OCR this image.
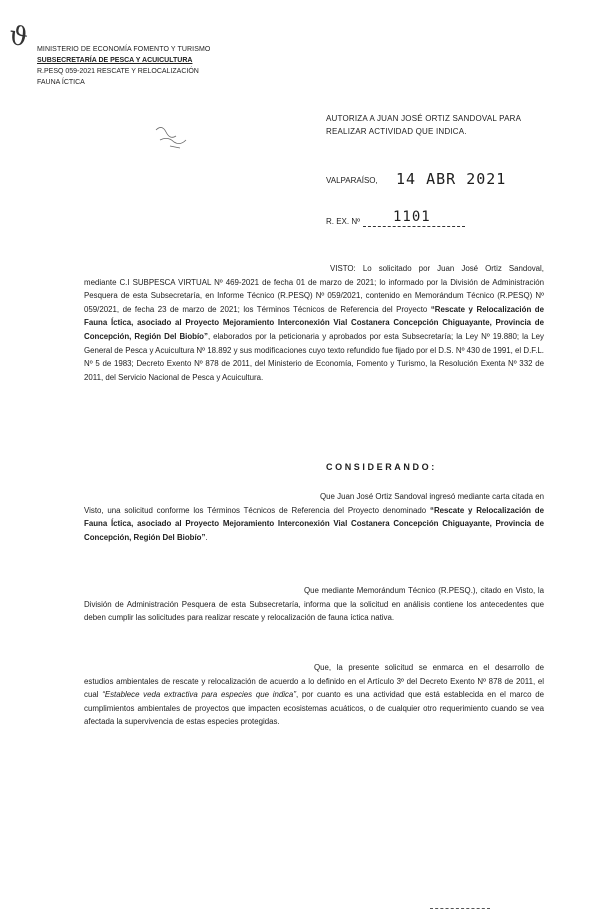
ϑ MINISTERIO DE ECONOMÍA FOMENTO Y TURISMO
SUBSECRETARÍA DE PESCA Y ACUICULTURA
R.PESQ 059-2021 RESCATE Y RELOCALIZACIÓN
FAUNA ÍCTICA
AUTORIZA A JUAN JOSÉ ORTIZ SANDOVAL PARA
REALIZAR ACTIVIDAD QUE INDICA.
VALPARAÍSO, 14 ABR 2021
R. EX. Nº 1101

VISTO: Lo solicitado por Juan José Ortiz Sandoval, mediante C.I SUBPESCA VIRTUAL Nº 469-2021 de fecha 01 de marzo de 2021; lo informado por la División de Administración Pesquera de esta Subsecretaría, en Informe Técnico (R.PESQ) Nº 059/2021, contenido en Memorándum Técnico (R.PESQ) Nº 059/2021, de fecha 23 de marzo de 2021; los Términos Técnicos de Referencia del Proyecto “Rescate y Relocalización de Fauna Íctica, asociado al Proyecto Mejoramiento Interconexión Vial Costanera Concepción Chiguayante, Provincia de Concepción, Región Del Biobío”, elaborados por la peticionaria y aprobados por esta Subsecretaría; la Ley Nº 19.880; la Ley General de Pesca y Acuicultura Nº 18.892 y sus modificaciones cuyo texto refundido fue fijado por el D.S. Nº 430 de 1991, el D.F.L. Nº 5 de 1983; Decreto Exento Nº 878 de 2011, del Ministerio de Economía, Fomento y Turismo, la Resolución Exenta Nº 332 de 2011, del Servicio Nacional de Pesca y Acuicultura.

CONSIDERANDO:

Que Juan José Ortiz Sandoval ingresó mediante carta citada en Visto, una solicitud conforme los Términos Técnicos de Referencia del Proyecto denominado “Rescate y Relocalización de Fauna Íctica, asociado al Proyecto Mejoramiento Interconexión Vial Costanera Concepción Chiguayante, Provincia de Concepción, Región Del Biobío”.

Que mediante Memorándum Técnico (R.PESQ.), citado en Visto, la División de Administración Pesquera de esta Subsecretaría, informa que la solicitud en análisis contiene los antecedentes que deben cumplir las solicitudes para realizar rescate y relocalización de fauna íctica nativa.

Que, la presente solicitud se enmarca en el desarrollo de estudios ambientales de rescate y relocalización de acuerdo a lo definido en el Artículo 3º del Decreto Exento Nº 878 de 2011, el cual “Establece veda extractiva para especies que indica”, por cuanto es una actividad que está establecida en el marco de cumplimientos ambientales de proyectos que impacten ecosistemas acuáticos, o de cualquier otro requerimiento cuando se vea afectada la supervivencia de estas especies protegidas.
